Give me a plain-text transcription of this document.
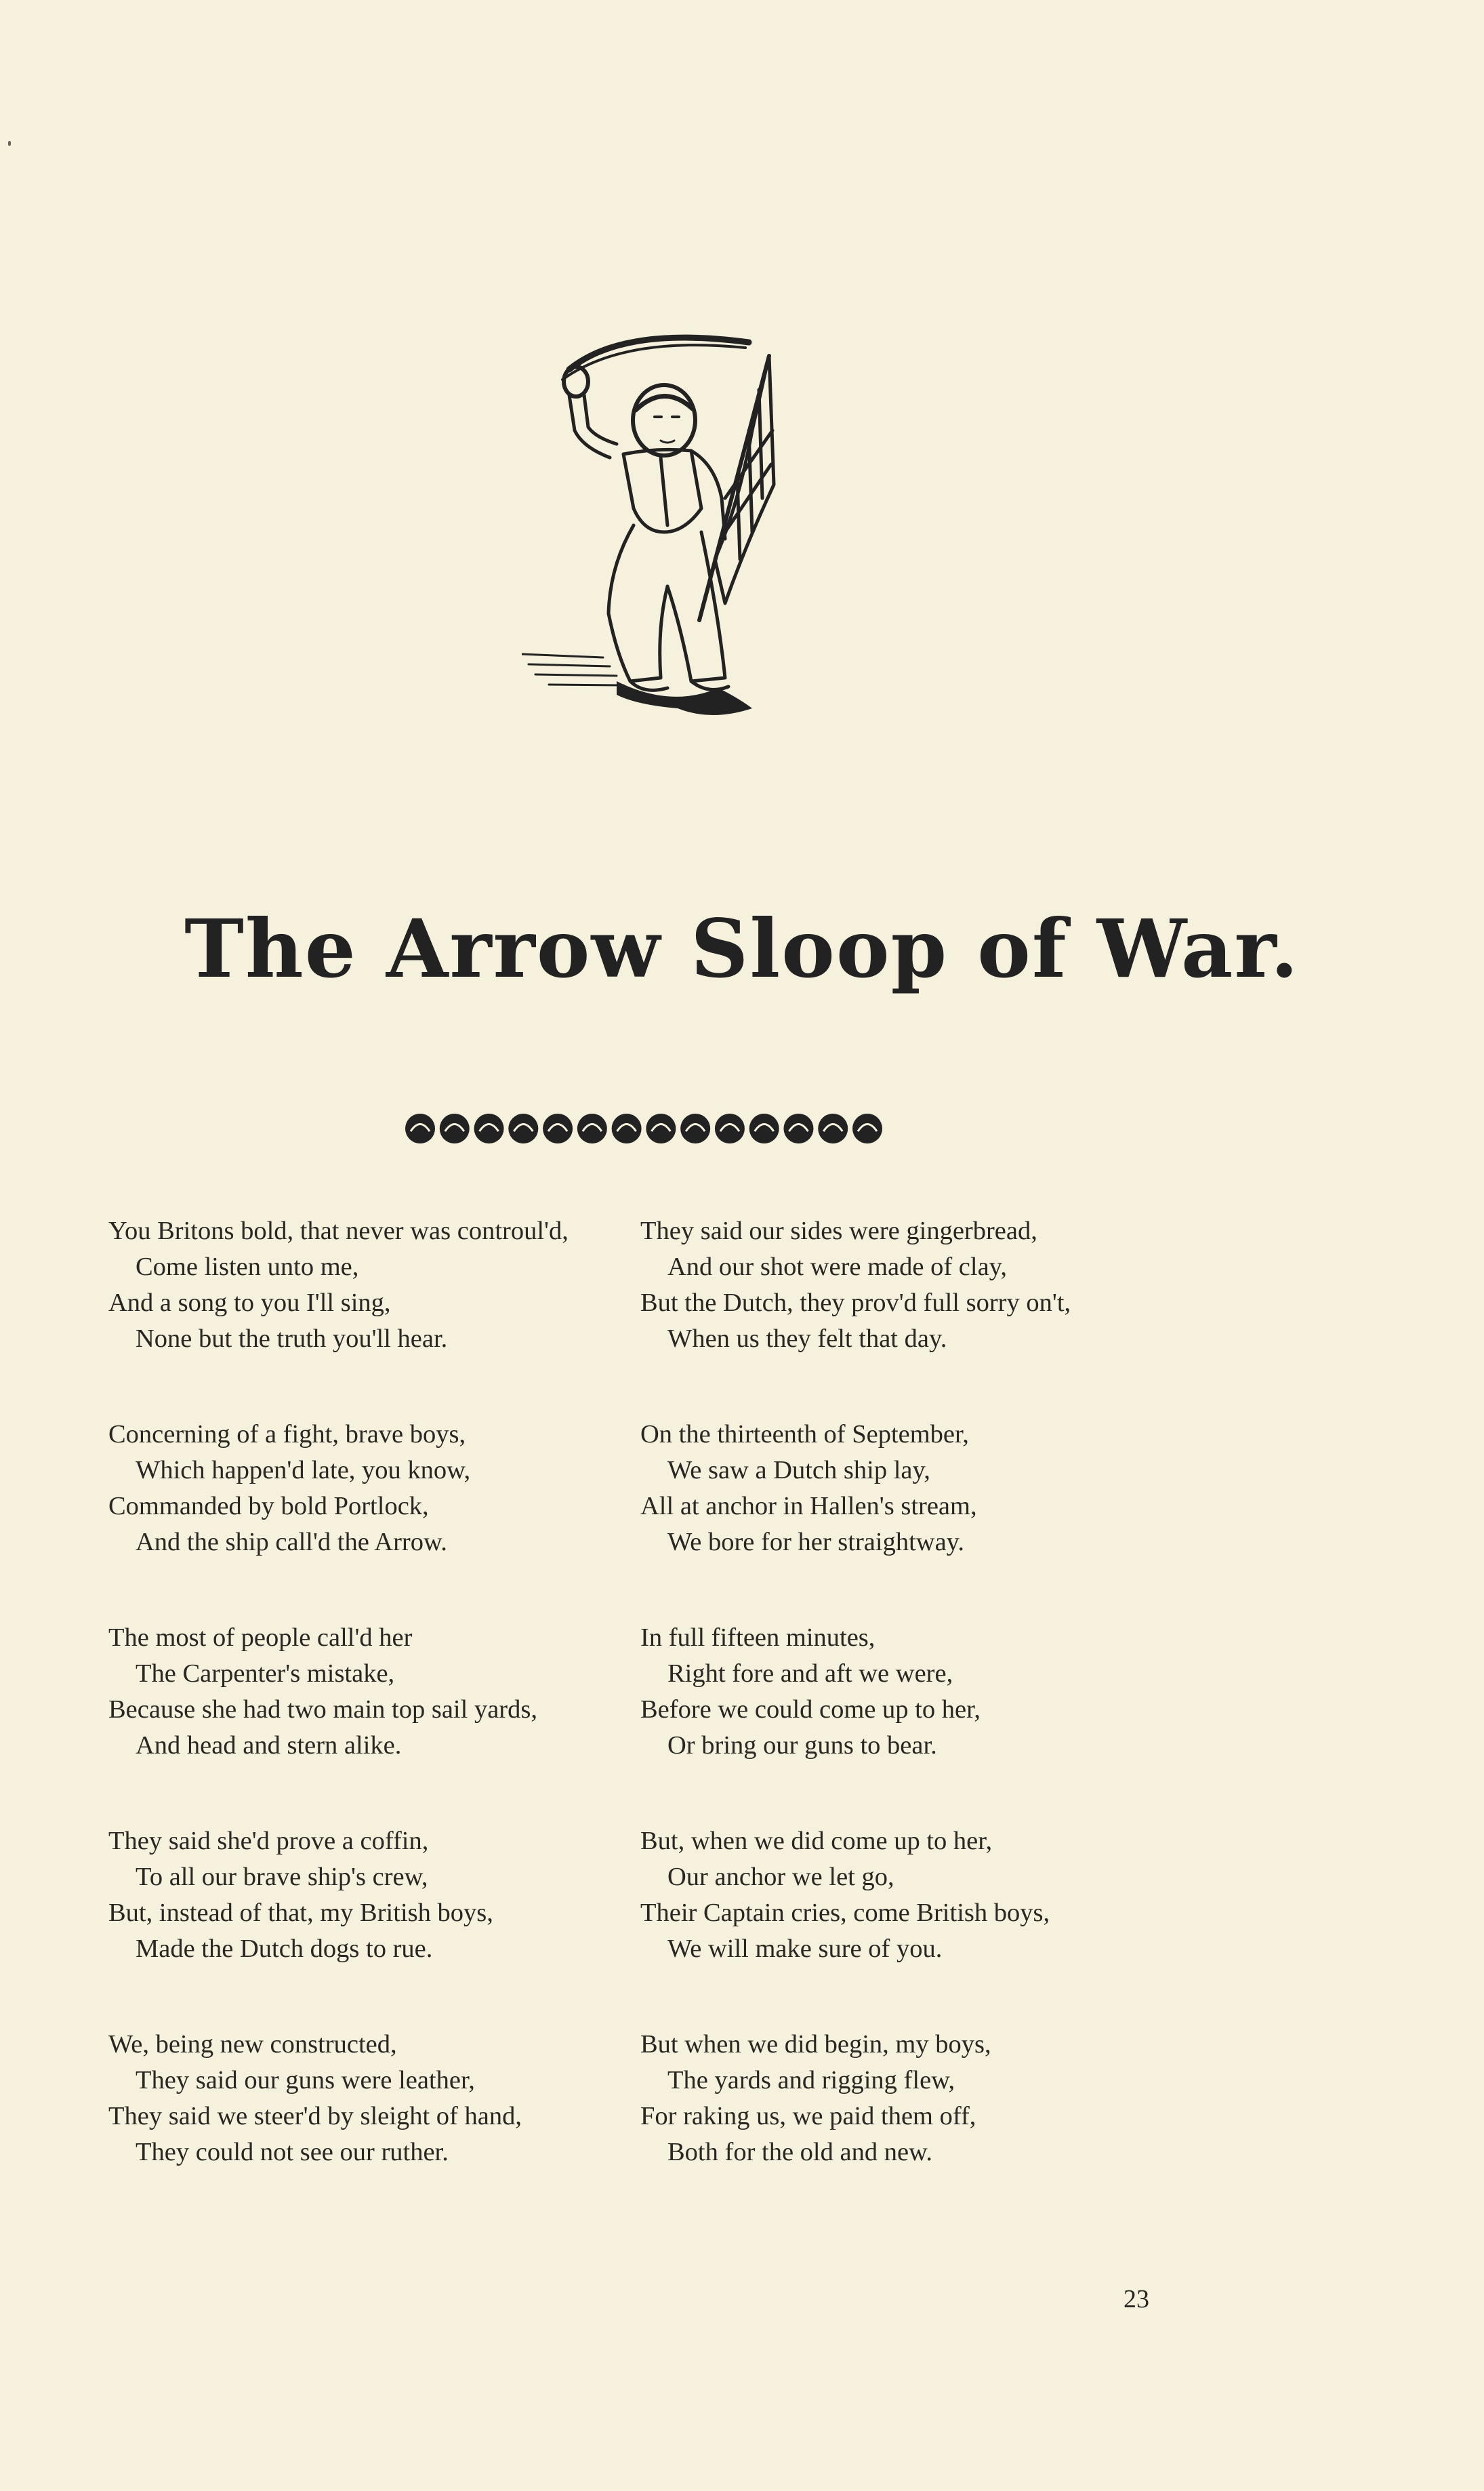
The Arrow Sloop of War.
You Britons bold, that never was controul'd,
Come listen unto me,
And a song to you I'll sing,
None but the truth you'll hear.
Concerning of a fight, brave boys,
Which happen'd late, you know,
Commanded by bold Portlock,
And the ship call'd the Arrow.
The most of people call'd her
The Carpenter's mistake,
Because she had two main top sail yards,
And head and stern alike.
They said she'd prove a coffin,
To all our brave ship's crew,
But, instead of that, my British boys,
Made the Dutch dogs to rue.
We, being new constructed,
They said our guns were leather,
They said we steer'd by sleight of hand,
They could not see our ruther.
They said our sides were gingerbread,
And our shot were made of clay,
But the Dutch, they prov'd full sorry on't,
When us they felt that day.
On the thirteenth of September,
We saw a Dutch ship lay,
All at anchor in Hallen's stream,
We bore for her straightway.
In full fifteen minutes,
Right fore and aft we were,
Before we could come up to her,
Or bring our guns to bear.
But, when we did come up to her,
Our anchor we let go,
Their Captain cries, come British boys,
We will make sure of you.
But when we did begin, my boys,
The yards and rigging flew,
For raking us, we paid them off,
Both for the old and new.
23
